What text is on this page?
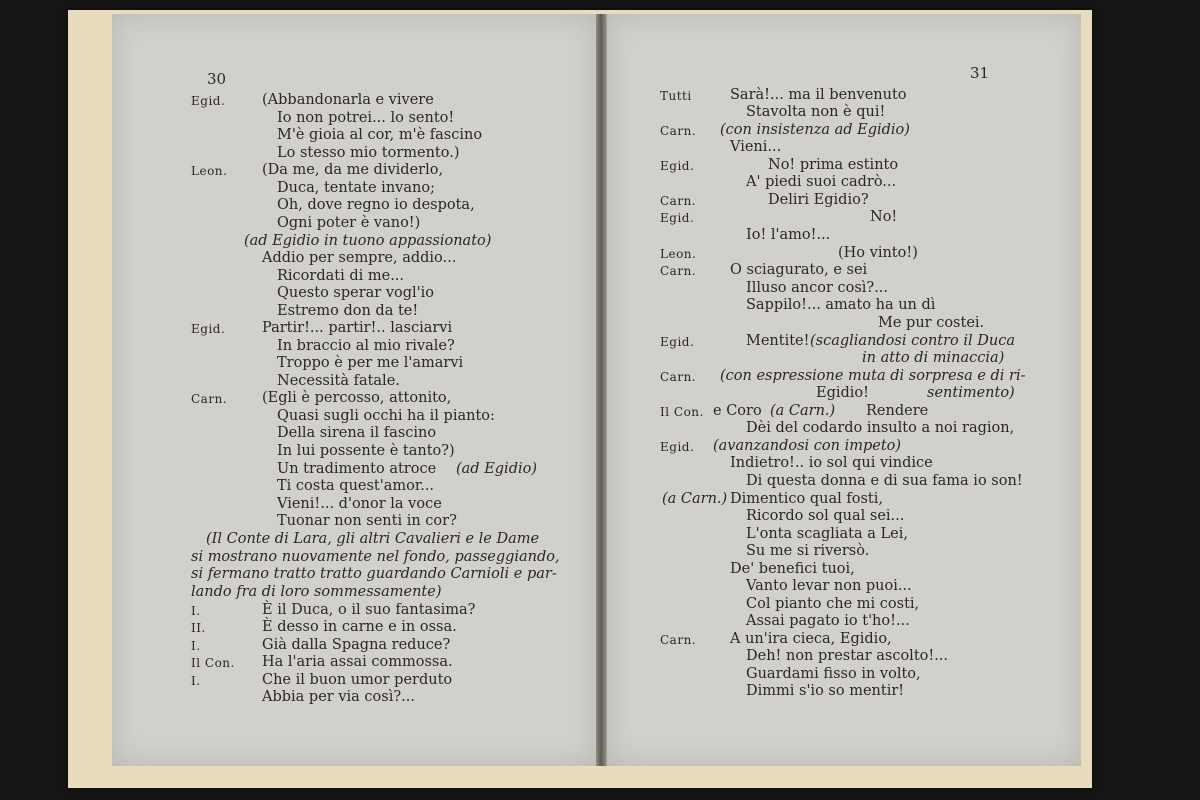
30
Egid.	(Abbandonarla e vivere
Io non potrei... lo sento!
M'è gioia al cor, m'è fascino
Lo stesso mio tormento.)
Leon. (Da me, da me dividerlo,
Duca, tentate invano;
Oh, dove regno io despota,
Ogni poter è vano!)
(ad Egidio in tuono appassionato)
Addio per sempre, addio...
Ricordati di me...
Questo sperar vogl'io
Estremo don da te!
Egid.	Partir!... partir!.. lasciarvi
In braccio al mio rivale?
Troppo è per me l'amarvi
Necessità fatale.
Carn. (Egli è percosso, attonito,
Quasi sugli occhi ha il pianto:
Della sirena il fascino
In lui possente è tanto?)
Un tradimento atroce (ad Egidio)
Ti costa quest'amor...
Vieni!... d'onor la voce
Tuonar non senti in cor?
(Il Conte di Lara, gli altri Cavalieri e le Dame
si mostrano nuovamente nel fondo, passeggiando,
si fermano tratto tratto guardando Carnioli e par-
lando fra di loro sommessamente)
I.	È il Duca, o il suo fantasima?
II.	È desso in carne e in ossa.
I.	Già dalla Spagna reduce?
Il Con. Ha l'aria assai commossa.
I.	Che il buon umor perduto
Abbia per via così?...
31
Tutti	Sarà!... ma il benvenuto
Stavolta non è qui!
Carn. (con insistenza ad Egidio)
Vieni...
Egid.	No! prima estinto
A' piedi suoi cadrò...
Carn.	Deliri Egidio?
Egid.	No!
Io! l'amo!...
Leon.	(Ho vinto!)
Carn. O sciagurato, e sei
Illuso ancor così?...
Sappilo!... amato ha un dì
Me pur costei.
Egid.	Mentite! (scagliandosi contro il Duca
in atto di minaccia)
Carn. (con espressione muta di sorpresa e di ri-
Egidio!	sentimento)
Il Con. e Coro (a Carn.) Rendere
Dèi del codardo insulto a noi ragion,
Egid. (avanzandosi con impeto)
Indietro!.. io sol qui vindice
Di questa donna e di sua fama io son!
(a Carn.) Dimentico qual fosti,
Ricordo sol qual sei...
L'onta scagliata a Lei,
Su me si riversò.
De' benefici tuoi,
Vanto levar non puoi...
Col pianto che mi costi,
Assai pagato io t'ho!...
Carn. A un'ira cieca, Egidio,
Deh! non prestar ascolto!...
Guardami fisso in volto,
Dimmi s'io so mentir!
